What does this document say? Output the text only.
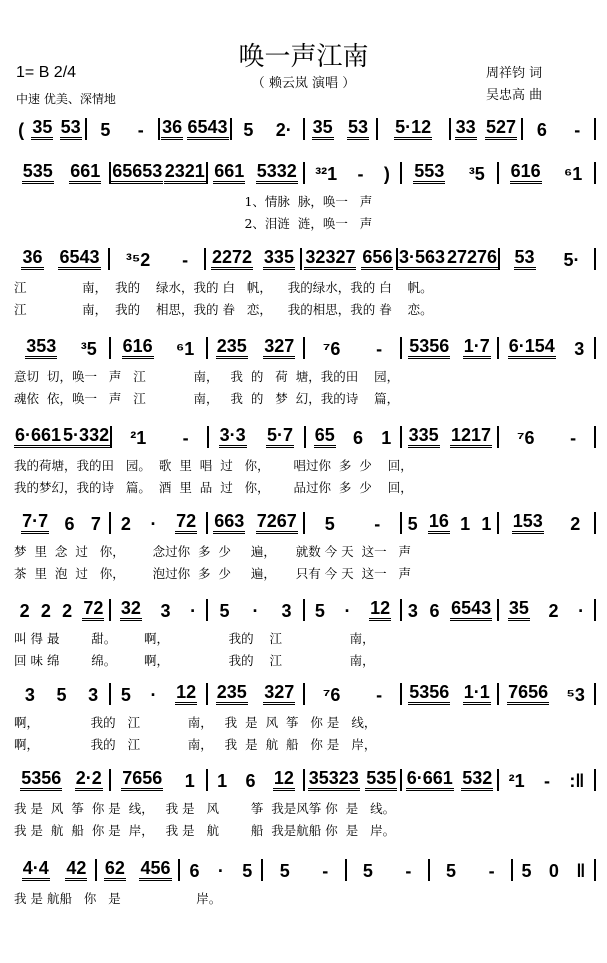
唤一声江南
（ 赖云岚 演唱 ）
1= B 2/4
中速 优美、深情地
周祥钧 词
吴忠高 曲
( 35 53 5 - 36 6543 5 2· 35 53 5·12 33 527 6 -
535 661 65653 2321 661 5332 ³²1 - ) 553 ³5 616 ⁶1
1、情脉  脉，唤一   声
2、泪涟  涟，唤一   声
36 6543 ³⁵2 - 2272 335 32327 656 3·563 27276 53 5·
江              南，  我的    绿水，我的 白   帆，    我的绿水，我的 白    帆。
江              南，  我的    相思，我的 眷   恋，    我的相思，我的 眷    恋。
353 ³5 616 ⁶1 235 327 ⁷6 - 5356 1·7 6·154 3
意切  切，唤一   声   江            南，   我  的   荷  塘，我的田    园，
魂依  依，唤一   声   江            南，   我  的   梦  幻，我的诗    篇，
6·661 5·332 ²1 - 3·3 5·7 65 6 1 335 1217 ⁷6 -
我的荷塘，我的田   园。  歌  里  唱  过   你，      唱过你  多  少    回，
我的梦幻，我的诗   篇。  酒  里  品  过   你，      品过你  多  少    回，
7·7 6 7 2 · 72 663 7267 5 - 5 16 1 1 153 2
梦  里  念  过   你，       念过你  多  少     遍，     就数 今 天  这一   声
茶  里  泡  过   你，       泡过你  多  少     遍，     只有 今 天  这一   声
2 2 2 72 32 3 · 5 · 3 5 · 12 3 6 6543 35 2 ·
叫 得 最        甜。       啊，               我的    江                 南，
回 味 绵        绵。       啊，               我的    江                 南，
3 5 3 5 · 12 235 327 ⁷6 - 5356 1·1 7656 ⁵3
啊，             我的   江            南，   我  是  风  筝   你 是   线，
啊，             我的   江            南，   我  是  航  船   你 是   岸，
5356 2·2 7656 1 1 6 12 35323 535 6·661 532 ²1 - :‖
我 是  风  筝  你 是  线，   我 是   风        筝  我是风筝 你  是   线。
我 是  航  船  你 是  岸，   我 是   航        船  我是航船 你  是   岸。
4·4 42 62 456 6 · 5 5 - 5 - 5 - 5 0 ‖
我 是 航船   你   是                   岸。
